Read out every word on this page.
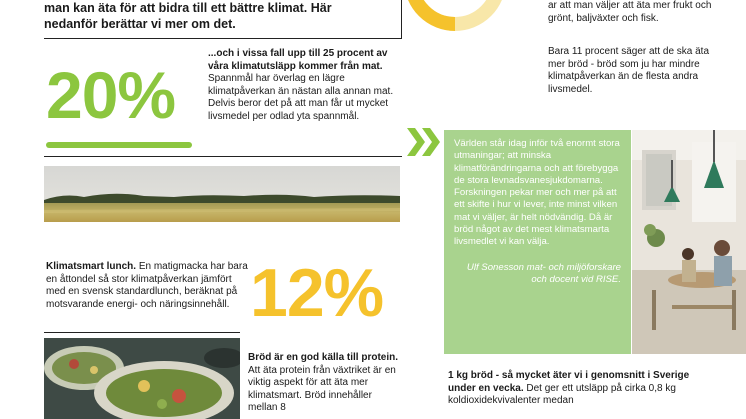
man kan äta för att bidra till ett bättre klimat. Här
nedanför berättar vi mer om det.
20%
...och i vissa fall upp till 25 procent av våra klimatutsläpp kommer från mat. Spannmål har överlag en lägre klimatpåverkan än nästan alla annan mat. Delvis beror det på att man får ut mycket livsmedel per odlad yta spannmål.
Klimatsmart lunch. En matigmacka har bara en åttondel så stor klimatpåverkan jämfört med en svensk standardlunch, beräknat på motsvarande energi- och näringsinnehåll. 12%
Bröd är en god källa till protein. Att äta protein från växtriket är en viktig aspekt för att äta mer klimatsmart. Bröd innehåller mellan 8
ar att man väljer att äta mer frukt och grönt, baljväxter och fisk.
Bara 11 procent säger att de ska äta mer bröd - bröd som ju har mindre klimatpåverkan än de flesta andra livsmedel.
Världen står idag inför två enormt stora utmaningar; att minska klimatförändringarna och att förebygga de stora levnadsvanesjukdomarna. Forskningen pekar mer och mer på att ett skifte i hur vi lever, inte minst vilken mat vi väljer, är helt nödvändig. Då är bröd något av det mest klimatsmarta livsmedlet vi kan välja.
Ulf Sonesson mat- och miljöforskare och docent vid RISE.
1 kg bröd - så mycket äter vi i genomsnitt i Sverige under en vecka. Det ger ett utsläpp på cirka 0,8 kg koldioxidekvivalenter medan
